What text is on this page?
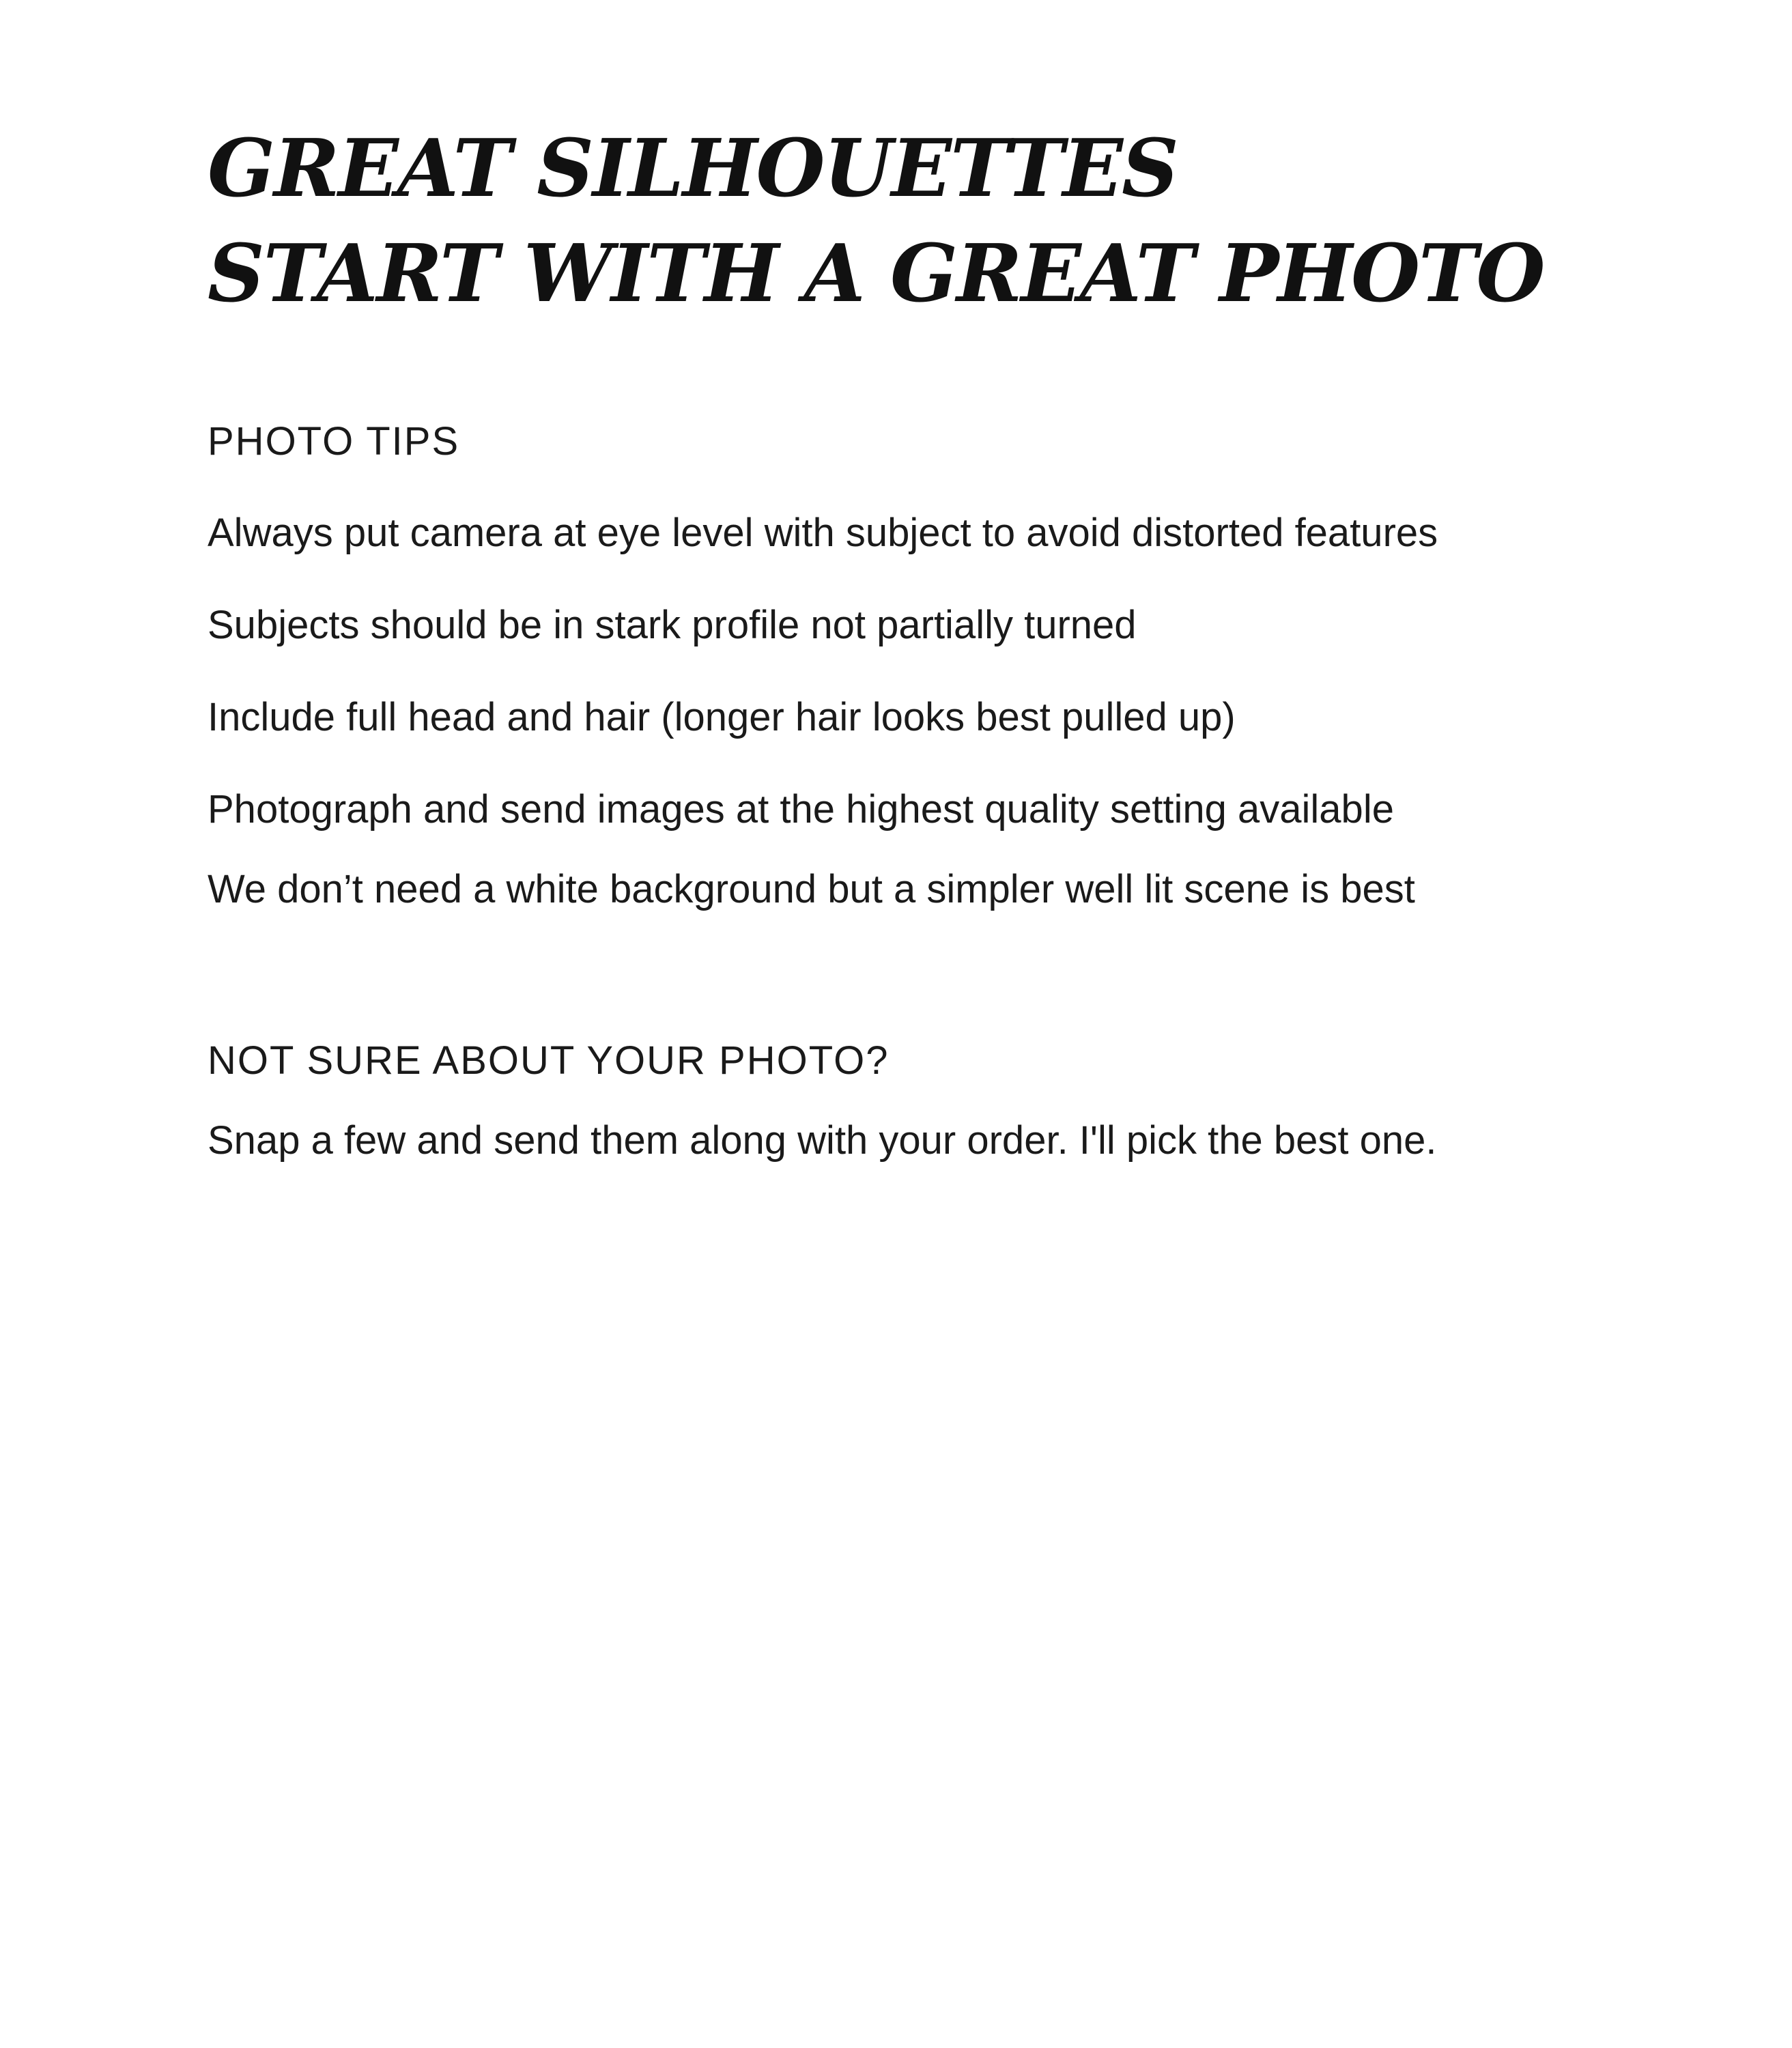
GREAT SILHOUETTES
START WITH A GREAT PHOTO
PHOTO TIPS
Always put camera at eye level with subject to avoid distorted features
Subjects should be in stark profile not partially turned
Include full head and hair (longer hair looks best pulled up)
Photograph and send images at the highest quality setting available
We don’t need a white background but a simpler well lit scene is best
NOT SURE ABOUT YOUR PHOTO?

Snap a few and send them along with your order. I'll pick the best one.
